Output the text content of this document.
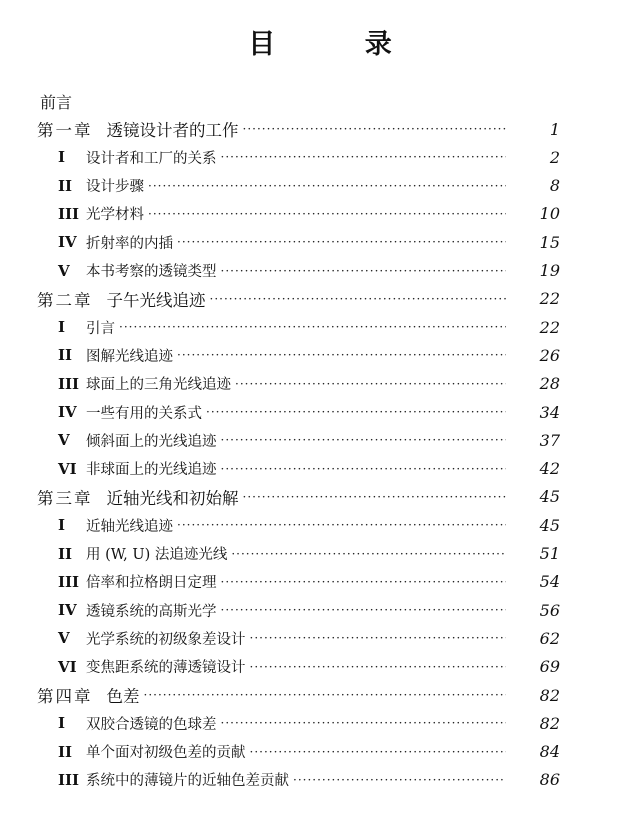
目 录
前言
第一章 透镜设计者的工作 ·····	1
I	设计者和工厂的关系 ·····	2
II 设计步骤 ·····	8
III 光学材料 ·····	10
IV 折射率的内插 ·····	15
V	本书考察的透镜类型 ·····	19
第二章 子午光线追迹 ·····	22
I	引言 ·····	22
II 图解光线追迹 ·····	26
III 球面上的三角光线追迹 ·····	28
IV 一些有用的关系式 ·····	34
V	倾斜面上的光线追迹 ·····	37
VI 非球面上的光线追迹 ·····	42
第三章 近轴光线和初始解 ·····	45
I	近轴光线追迹 ·····	45
II 用 (W, U) 法追迹光线 ·····	51
III 倍率和拉格朗日定理 ·····	54
IV 透镜系统的高斯光学 ·····	56
V	光学系统的初级象差设计 ·····	62
VI 变焦距系统的薄透镜设计 ·····	69
第四章 色差 ·····	82
I	双胶合透镜的色球差 ·····	82
II 单个面对初级色差的贡献 ·····	84
III 系统中的薄镜片的近轴色差贡献 ·····	86
